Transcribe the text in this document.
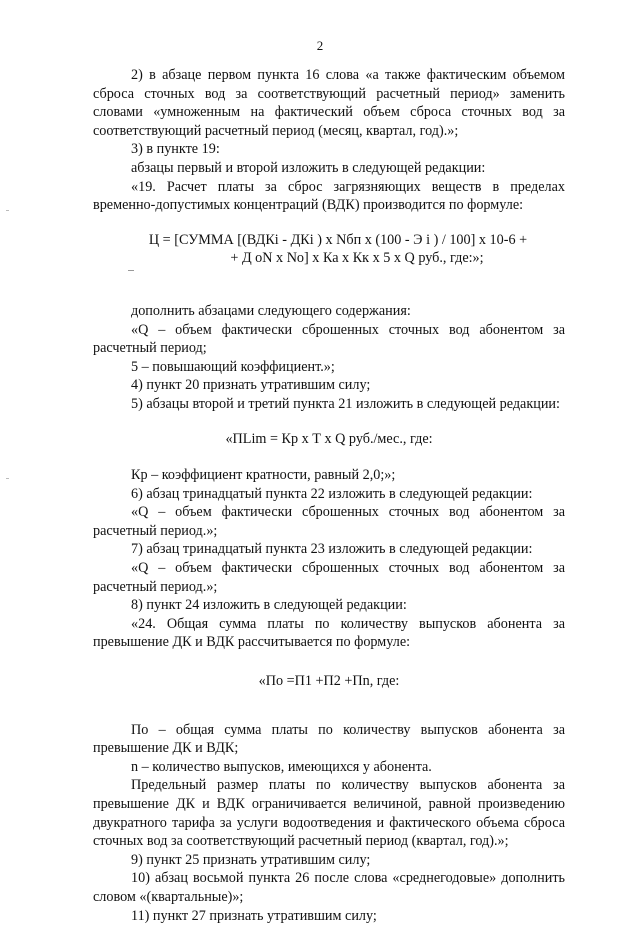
2

2) в абзаце первом пункта 16 слова «а также фактическим объемом сброса сточных вод за соответствующий расчетный период» заменить словами «умноженным на фактический объем сброса сточных вод за соответствующий расчетный период (месяц, квартал, год).»;

3) в пункте 19:

абзацы первый и второй изложить в следующей редакции:

«19. Расчет платы за сброс загрязняющих веществ в пределах временно-допустимых концентраций (ВДК) производится по формуле:

Ц = [СУММА [(ВДКi - ДКi ) х Nбп х (100 - Э i ) / 100] х 10-6 +

+ Д oN х No] х Ка х Кк х 5 х Q руб., где:»;

дополнить абзацами следующего содержания:

«Q – объем фактически сброшенных сточных вод абонентом за расчетный период;

5 – повышающий коэффициент.»;

4) пункт 20 признать утратившим силу;

5) абзацы второй и третий пункта 21 изложить в следующей редакции:

«ПLim = Кр х Т х Q руб./мес., где:

Кр – коэффициент кратности, равный 2,0;»;

6) абзац тринадцатый пункта 22 изложить в следующей редакции:

«Q – объем фактически сброшенных сточных вод абонентом за расчетный период.»;

7) абзац тринадцатый пункта 23 изложить в следующей редакции:

«Q – объем фактически сброшенных сточных вод абонентом за расчетный период.»;

8) пункт 24 изложить в следующей редакции:

«24. Общая сумма платы по количеству выпусков абонента за превышение ДК и ВДК рассчитывается по формуле:

«По =П1 +П2 +Пn, где:

По – общая сумма платы по количеству выпусков абонента за превышение ДК и ВДК;

n – количество выпусков, имеющихся у абонента.

Предельный размер платы по количеству выпусков абонента за превышение ДК и ВДК ограничивается величиной, равной произведению двукратного тарифа за услуги водоотведения и фактического объема сброса сточных вод за соответствующий расчетный период (квартал, год).»;

9) пункт 25 признать утратившим силу;

10) абзац восьмой пункта 26 после слова «среднегодовые» дополнить словом «(квартальные)»;

11) пункт 27 признать утратившим силу;
